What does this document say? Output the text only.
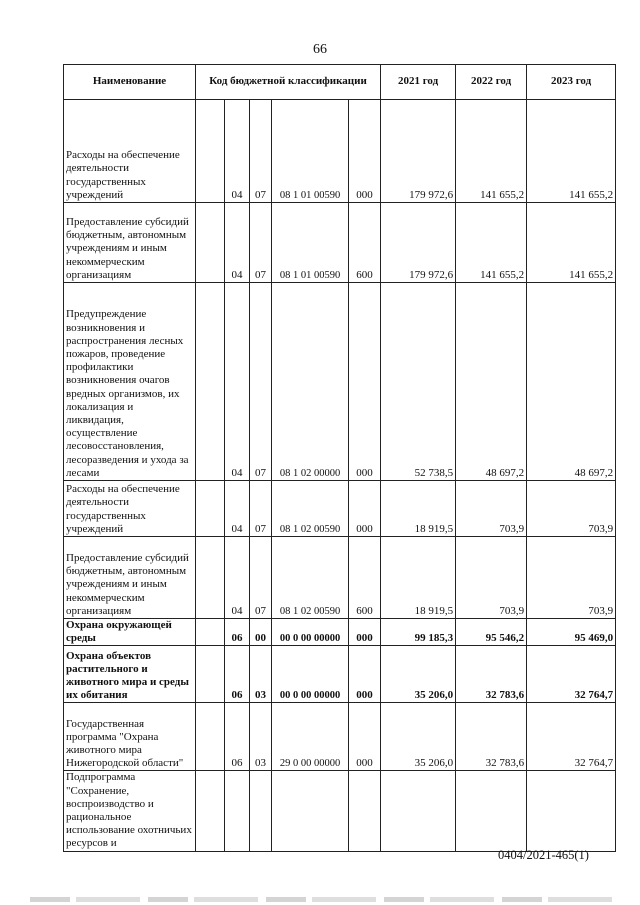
66
Наименование	Код бюджетной классификации					2021 год	2022 год	2023 год
Расходы на обеспечение деятельности государственных учреждений		04	07	08 1 01 00590	000	179 972,6	141 655,2	141 655,2
Предоставление субсидий бюджетным, автономным учреждениям и иным некоммерческим организациям		04	07	08 1 01 00590	600	179 972,6	141 655,2	141 655,2
Предупреждение возникновения и распространения лесных пожаров, проведение профилактики возникновения очагов вредных организмов, их локализация и ликвидация, осуществление лесовосстановления, лесоразведения и ухода за лесами		04	07	08 1 02 00000	000	52 738,5	48 697,2	48 697,2
Расходы на обеспечение деятельности государственных учреждений		04	07	08 1 02 00590	000	18 919,5	703,9	703,9
Предоставление субсидий бюджетным, автономным учреждениям и иным некоммерческим организациям		04	07	08 1 02 00590	600	18 919,5	703,9	703,9
Охрана окружающей среды		06	00	00 0 00 00000	000	99 185,3	95 546,2	95 469,0
Охрана объектов растительного и животного мира и среды их обитания		06	03	00 0 00 00000	000	35 206,0	32 783,6	32 764,7
Государственная программа "Охрана животного мира Нижегородской области"		06	03	29 0 00 00000	000	35 206,0	32 783,6	32 764,7
Подпрограмма "Сохранение, воспроизводство и рациональное использование охотничьих ресурсов и								
0404/2021-465(1)
